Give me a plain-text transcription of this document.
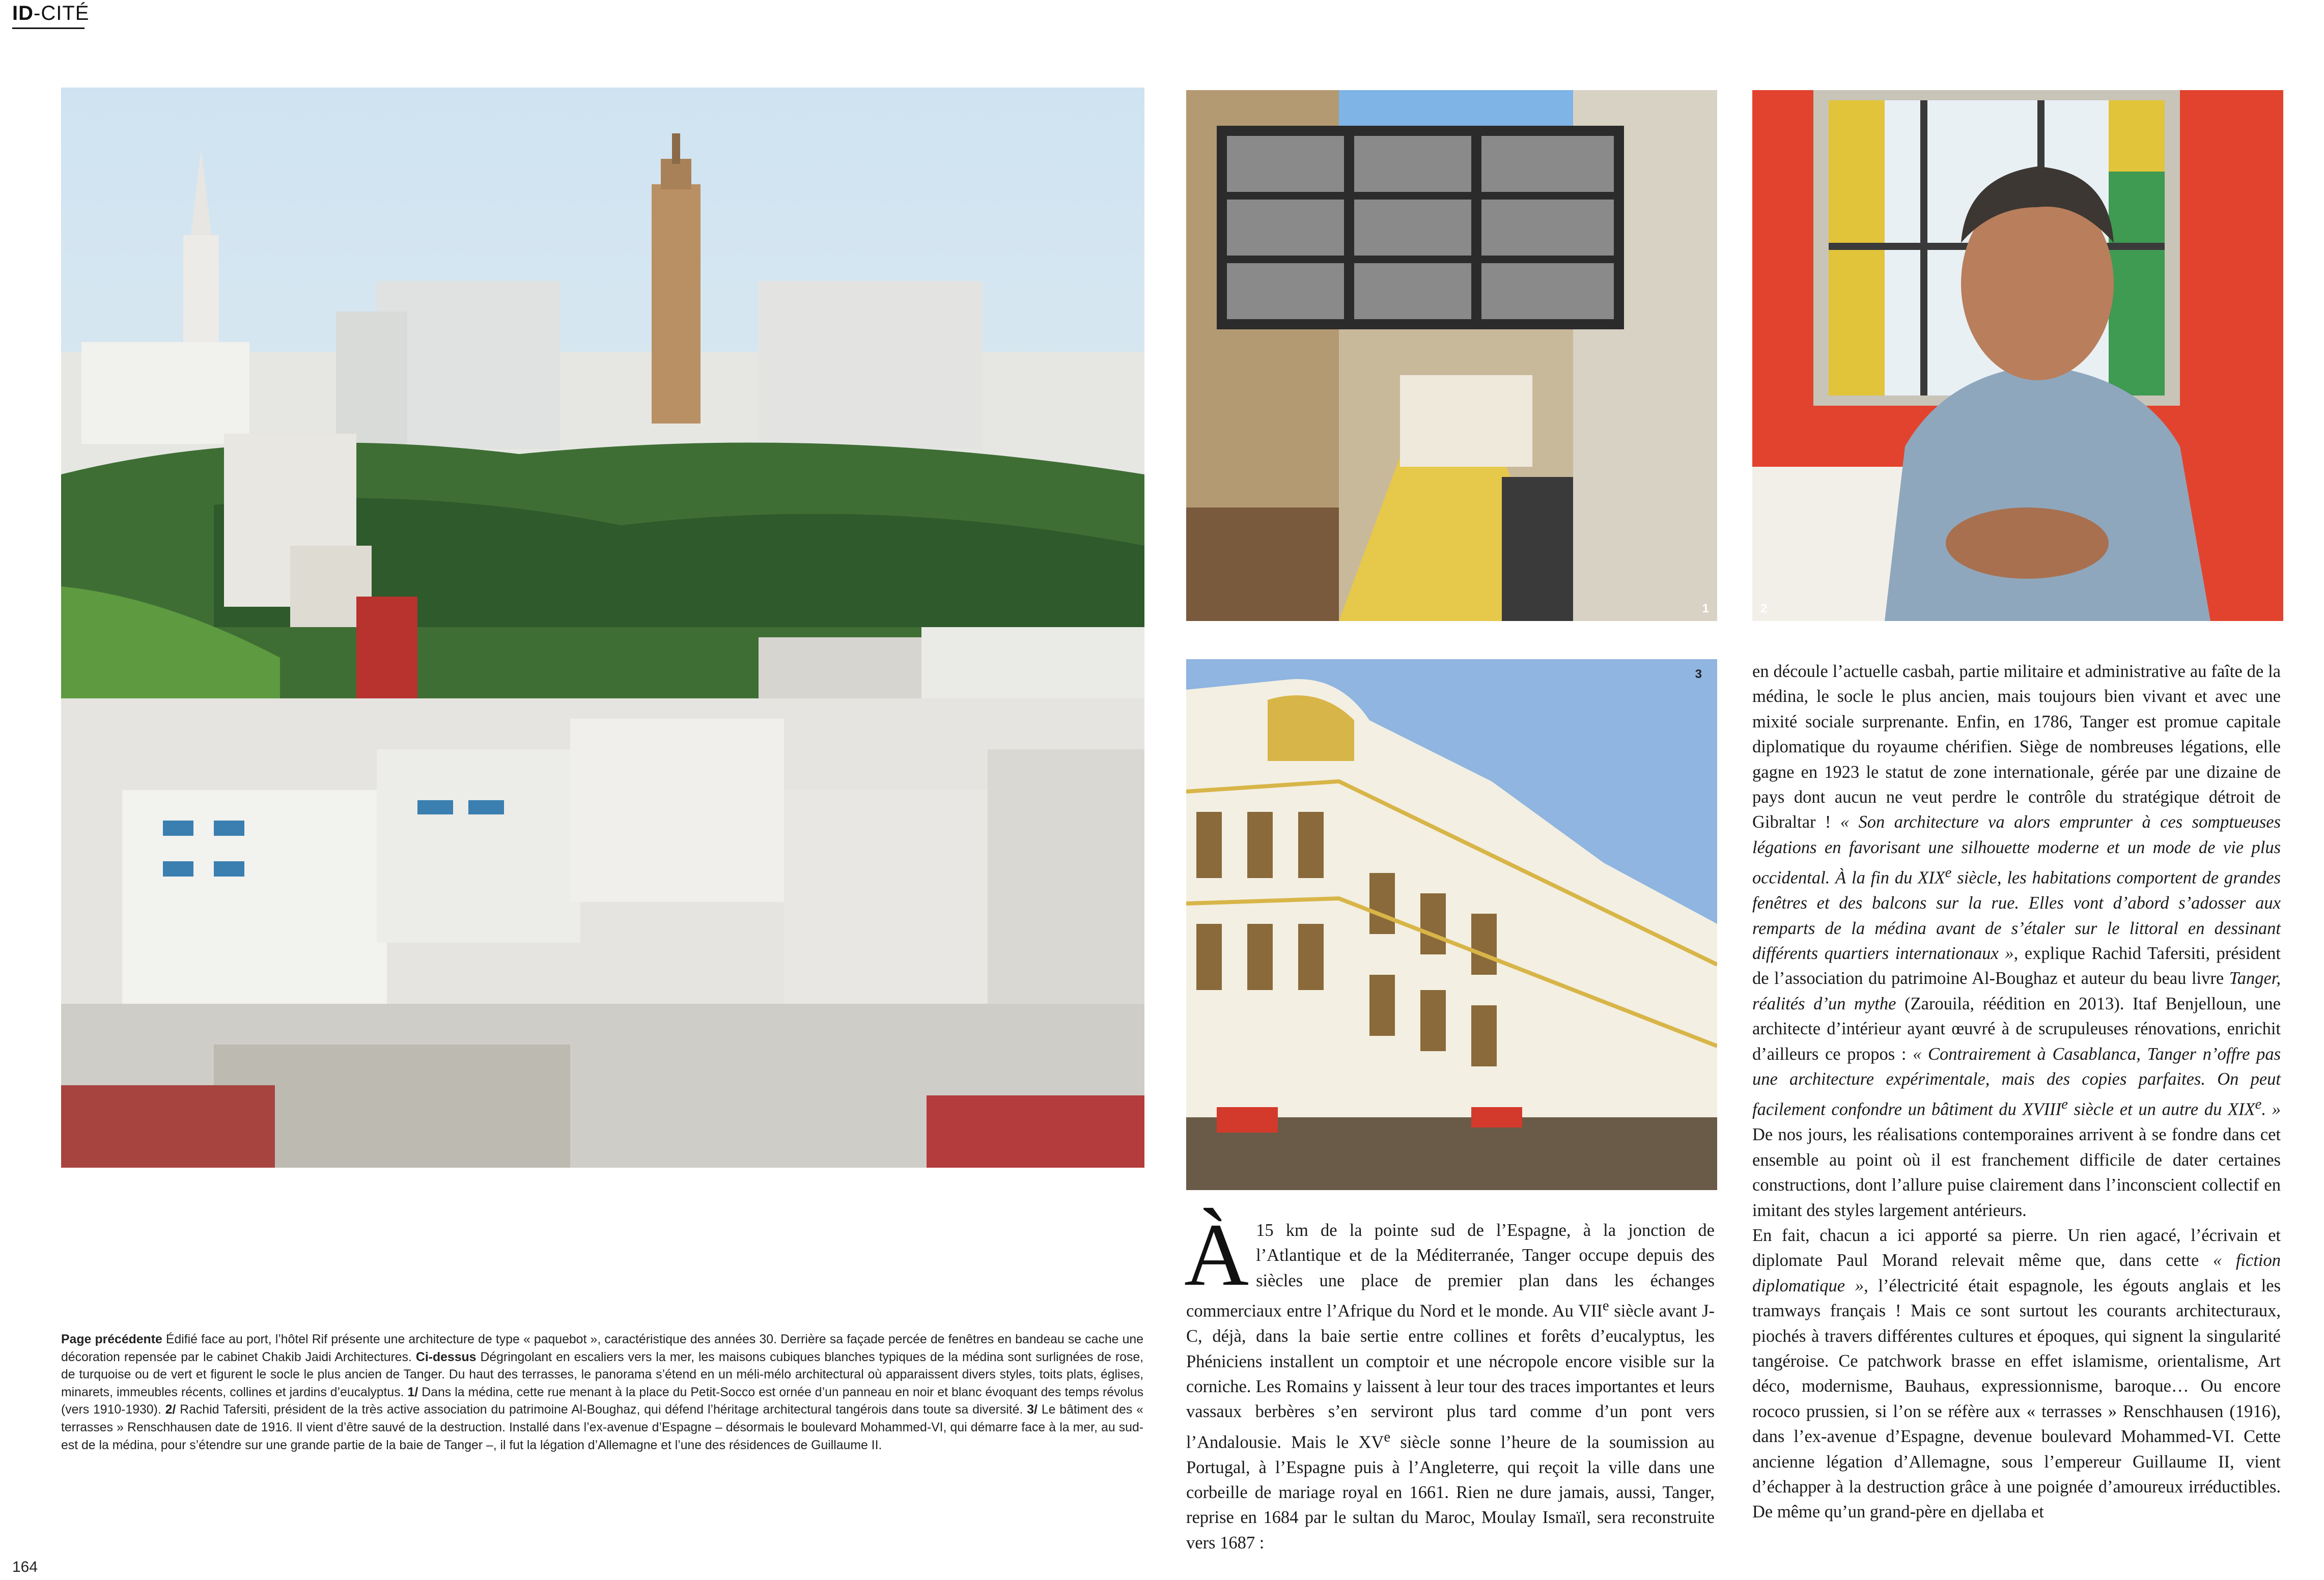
ID-CITÉ
1	2
3
Page précédente Édifié face au port, l’hôtel Rif présente une architecture de type « paquebot », caractéristique des années 30. Derrière sa façade percée de fenêtres en bandeau se cache une décoration repensée par le cabinet Chakib Jaidi Architectures. Ci-dessus Dégringolant en escaliers vers la mer, les maisons cubiques blanches typiques de la médina sont surlignées de rose, de turquoise ou de vert et figurent le socle le plus ancien de Tanger. Du haut des terrasses, le panorama s’étend en un méli-mélo architectural où apparaissent divers styles, toits plats, églises, minarets, immeubles récents, collines et jardins d’eucalyptus. 1/ Dans la médina, cette rue menant à la place du Petit-Socco est ornée d’un panneau en noir et blanc évoquant des temps révolus (vers 1910-1930). 2/ Rachid Tafersiti, président de la très active association du patrimoine Al-Boughaz, qui défend l’héritage architectural tangérois dans toute sa diversité. 3/ Le bâtiment des « terrasses » Renschhausen date de 1916. Il vient d’être sauvé de la destruction. Installé dans l’ex-avenue d’Espagne – désormais le boulevard Mohammed-VI, qui démarre face à la mer, au sud-est de la médina, pour s’étendre sur une grande partie de la baie de Tanger –, il fut la légation d’Allemagne et l’une des résidences de Guillaume II.
164

À 15 km de la pointe sud de l’Espagne, à la jonction de l’Atlantique et de la Méditerranée, Tanger occupe depuis des siècles une place de premier plan dans les échanges commerciaux entre l’Afrique du Nord et le monde. Au VIIe siècle avant J-C, déjà, dans la baie sertie entre collines et forêts d’eucalyptus, les Phéniciens installent un comptoir et une nécropole encore visible sur la corniche. Les Romains y laissent à leur tour des traces importantes et leurs vassaux berbères s’en serviront plus tard comme d’un pont vers l’Andalousie. Mais le XVe siècle sonne l’heure de la soumission au Portugal, à l’Espagne puis à l’Angleterre, qui reçoit la ville dans une corbeille de mariage royal en 1661. Rien ne dure jamais, aussi, Tanger, reprise en 1684 par le sultan du Maroc, Moulay Ismaïl, sera reconstruite vers 1687 :

en découle l’actuelle casbah, partie militaire et administrative au faîte de la médina, le socle le plus ancien, mais toujours bien vivant et avec une mixité sociale surprenante. Enfin, en 1786, Tanger est promue capitale diplomatique du royaume chérifien. Siège de nombreuses légations, elle gagne en 1923 le statut de zone internationale, gérée par une dizaine de pays dont aucun ne veut perdre le contrôle du stratégique détroit de Gibraltar ! « Son architecture va alors emprunter à ces somptueuses légations en favorisant une silhouette moderne et un mode de vie plus occidental. À la fin du XIXe siècle, les habitations comportent de grandes fenêtres et des balcons sur la rue. Elles vont d’abord s’adosser aux remparts de la médina avant de s’étaler sur le littoral en dessinant différents quartiers internationaux », explique Rachid Tafersiti, président de l’association du patrimoine Al-Boughaz et auteur du beau livre Tanger, réalités d’un mythe (Zarouila, réédition en 2013). Itaf Benjelloun, une architecte d’intérieur ayant œuvré à de scrupuleuses rénovations, enrichit d’ailleurs ce propos : « Contrairement à Casablanca, Tanger n’offre pas une architecture expérimentale, mais des copies parfaites. On peut facilement confondre un bâtiment du XVIIIe siècle et un autre du XIXe. » De nos jours, les réalisations contemporaines arrivent à se fondre dans cet ensemble au point où il est franchement difficile de dater certaines constructions, dont l’allure puise clairement dans l’inconscient collectif en imitant des styles largement antérieurs.

En fait, chacun a ici apporté sa pierre. Un rien agacé, l’écrivain et diplomate Paul Morand relevait même que, dans cette « fiction diplomatique », l’électricité était espagnole, les égouts anglais et les tramways français ! Mais ce sont surtout les courants architecturaux, piochés à travers différentes cultures et époques, qui signent la singularité tangéroise. Ce patchwork brasse en effet islamisme, orientalisme, Art déco, modernisme, Bauhaus, expressionnisme, baroque… Ou encore rococo prussien, si l’on se réfère aux « terrasses » Renschhausen (1916), dans l’ex-avenue d’Espagne, devenue boulevard Mohammed-VI. Cette ancienne légation d’Allemagne, sous l’empereur Guillaume II, vient d’échapper à la destruction grâce à une poignée d’amoureux irréductibles. De même qu’un grand-père en djellaba et
